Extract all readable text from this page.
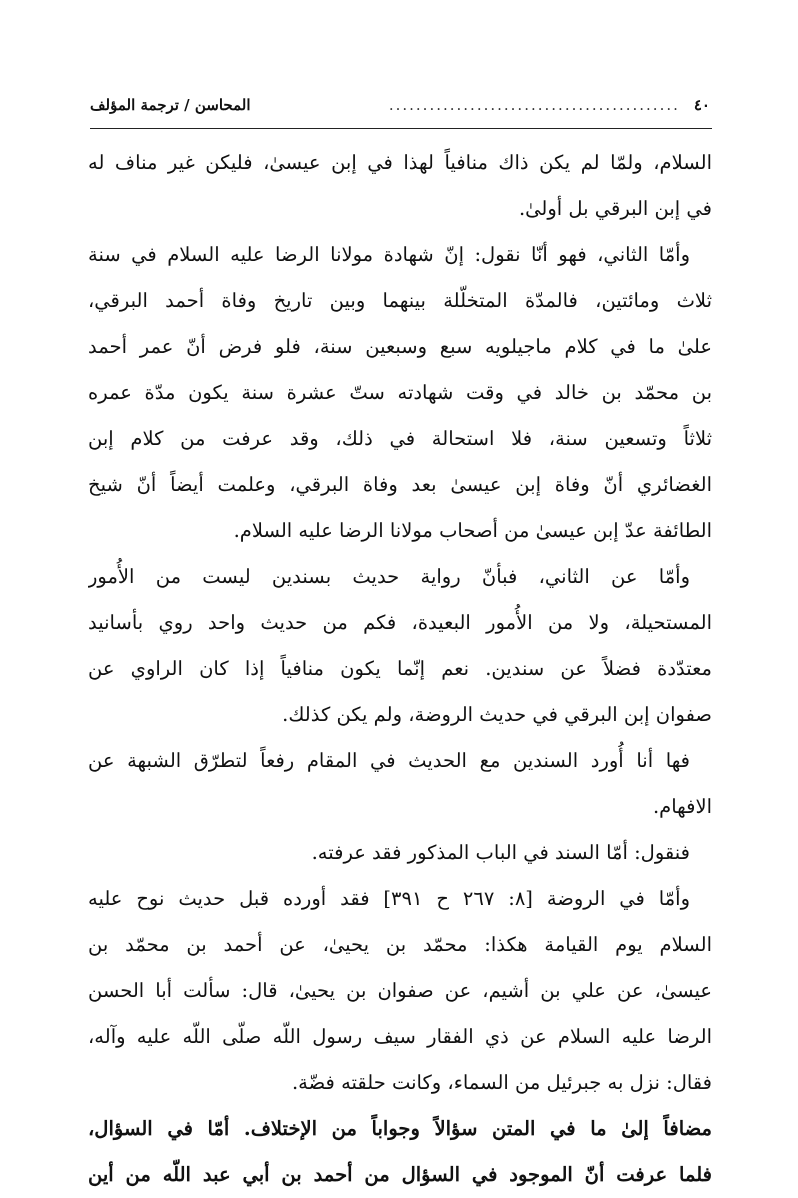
٤٠
...........................................
المحاسن / ترجمة المؤلف
السلام، ولمّا لم يكن ذاك منافياً لهذا في إبن عيسىٰ، فليكن غير مناف له
في إبن البرقي بل أولىٰ.
وأمّا الثاني، فهو أنّا نقول: إنّ شهادة مولانا الرضا عليه السلام في سنة
ثلاث ومائتين، فالمدّة المتخلّلة بينهما وبين تاريخ وفاة أحمد البرقي،
علىٰ ما في كلام ماجيلويه سبع وسبعين سنة، فلو فرض أنّ عمر أحمد
بن محمّد بن خالد في وقت شهادته ستّ عشرة سنة يكون مدّة عمره
ثلاثاً وتسعين سنة، فلا استحالة في ذلك، وقد عرفت من كلام إبن
الغضائري أنّ وفاة إبن عيسىٰ بعد وفاة البرقي، وعلمت أيضاً أنّ شيخ
الطائفة عدّ إبن عيسىٰ من أصحاب مولانا الرضا عليه السلام.
وأمّا عن الثاني، فبأنّ رواية حديث بسندين ليست من الأُمور
المستحيلة، ولا من الأُمور البعيدة، فكم من حديث واحد روي بأسانيد
معتدّدة فضلاً عن سندين. نعم إنّما يكون منافياً إذا كان الراوي عن
صفوان إبن البرقي في حديث الروضة، ولم يكن كذلك.
فها أنا أُورد السندين مع الحديث في المقام رفعاً لتطرّق الشبهة عن
الافهام.
فنقول: أمّا السند في الباب المذكور فقد عرفته.
وأمّا في الروضة [٨: ٢٦٧ ح ٣٩١] فقد أورده قبل حديث نوح عليه
السلام يوم القيامة هكذا: محمّد بن يحيىٰ، عن أحمد بن محمّد بن
عيسىٰ، عن علي بن أشيم، عن صفوان بن يحيىٰ، قال: سألت أبا الحسن
الرضا عليه السلام عن ذي الفقار سيف رسول اللّه صلّى اللّه عليه وآله،
فقال: نزل به جبرئيل من السماء، وكانت حلقته فضّة.
مضافاً إلىٰ ما في المتن سؤالاً وجواباً من الإختلاف. أمّا في السؤال،
فلما عرفت أنّ الموجود في السؤال من أحمد بن أبي عبد اللّه من أين
